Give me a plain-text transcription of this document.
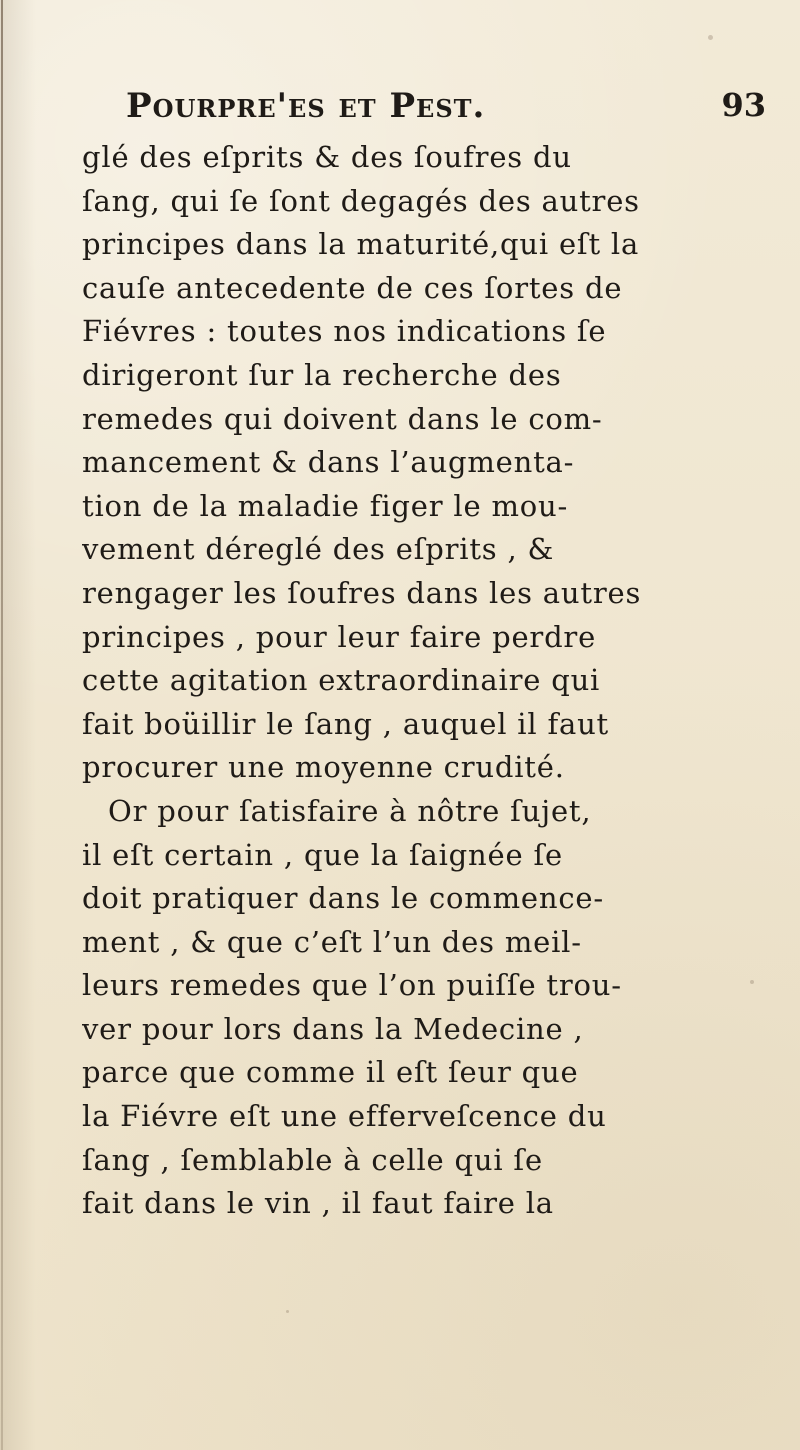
Pourpre'es et Pest.	93
glé des eſprits & des ſoufres du
ſang, qui ſe ſont degagés des autres
principes dans la maturité,qui eſt la
cauſe antecedente de ces ſortes de
Fiévres : toutes nos indications ſe
dirigeront ſur la recherche des
remedes qui doivent dans le com-
mancement & dans l’augmenta-
tion de la maladie figer le mou-
vement déreglé des eſprits , &
rengager les ſoufres dans les autres
principes , pour leur faire perdre
cette agitation extraordinaire qui
fait boüillir le ſang , auquel il faut
procurer une moyenne crudité.
Or pour ſatisfaire à nôtre ſujet,
il eſt certain , que la ſaignée ſe
doit pratiquer dans le commence-
ment , & que c’eſt l’un des meil-
leurs remedes que l’on puiſſe trou-
ver pour lors dans la Medecine ,
parce que comme il eſt ſeur que
la Fiévre eſt une efferveſcence du
ſang , ſemblable à celle qui ſe
fait dans le vin , il faut faire la
